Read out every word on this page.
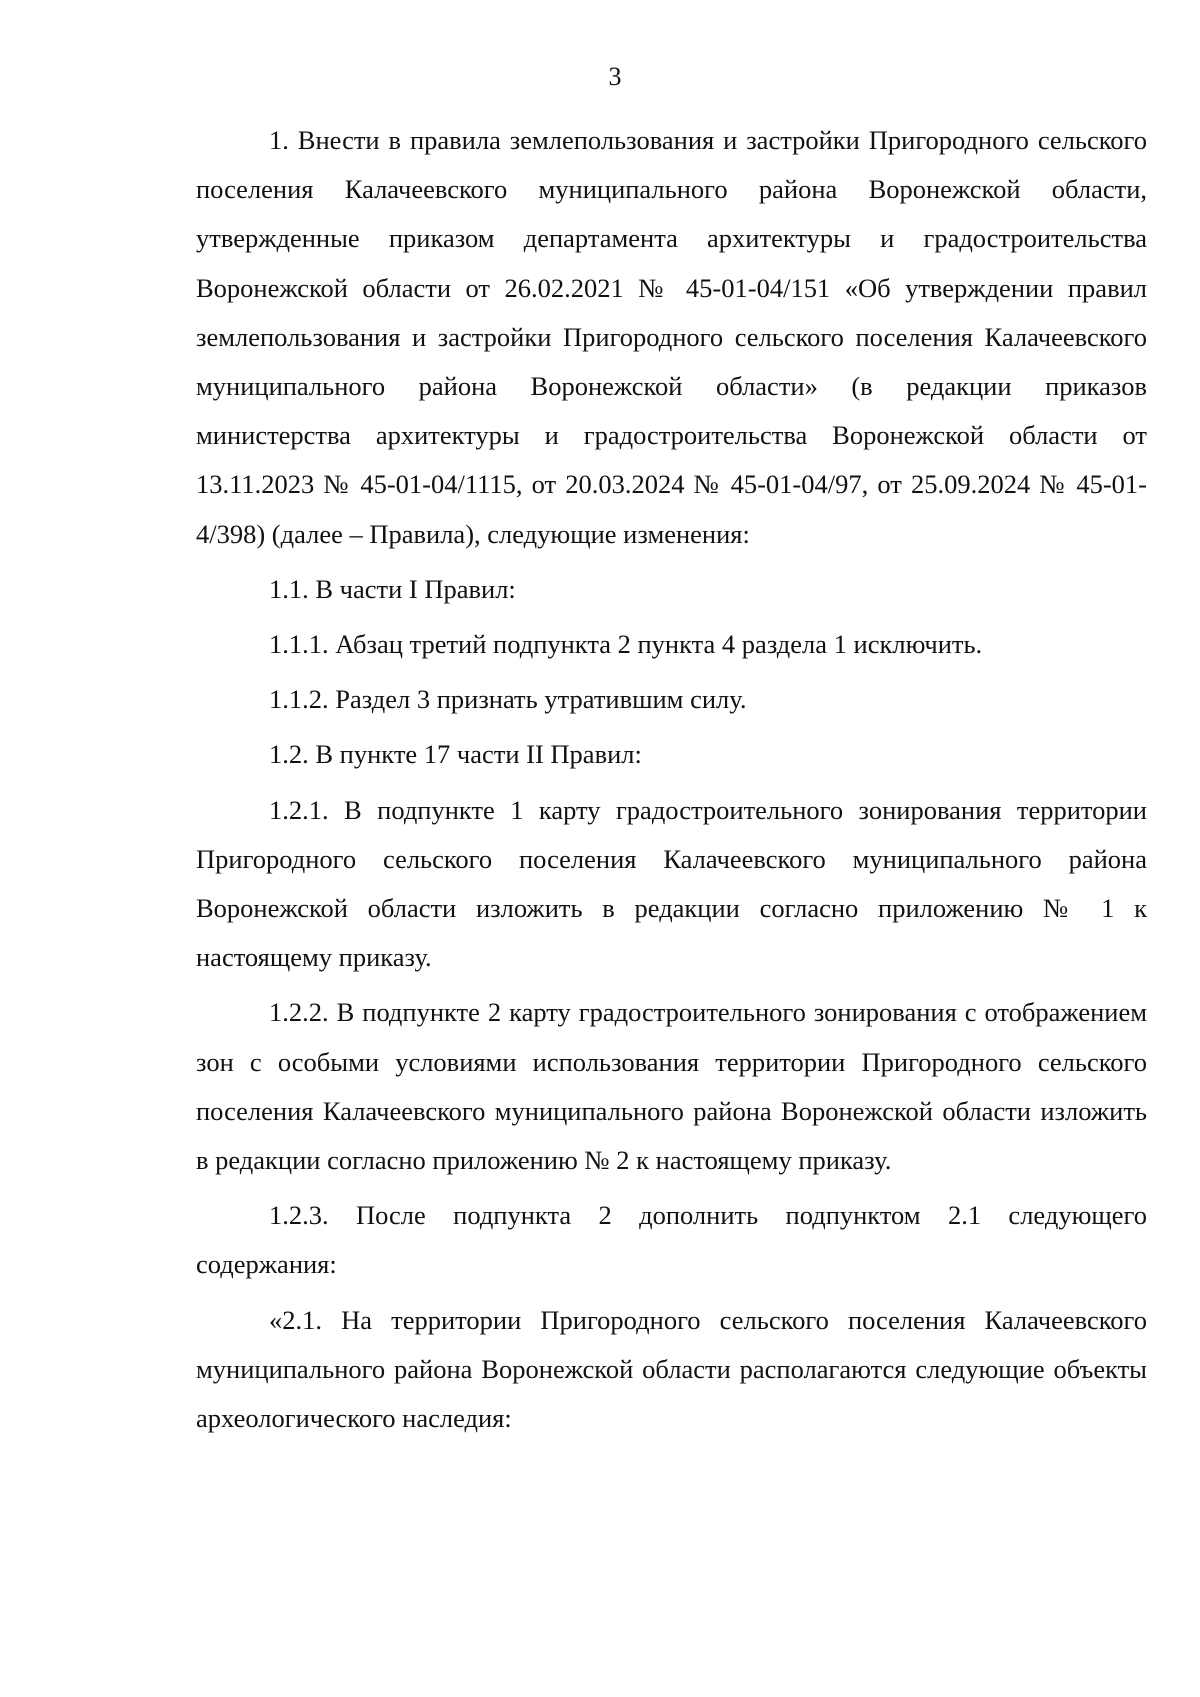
3

1. Внести в правила землепользования и застройки Пригородного сельского поселения Калачеевского муниципального района Воронежской области, утвержденные приказом департамента архитектуры и градостроительства Воронежской области от 26.02.2021 № 45-01-04/151 «Об утверждении правил землепользования и застройки Пригородного сельского поселения Калачеевского муниципального района Воронежской области» (в редакции приказов министерства архитектуры и градостроительства Воронежской области от 13.11.2023 № 45-01-04/1115, от 20.03.2024 № 45-01-04/97, от 25.09.2024 № 45-01-4/398) (далее – Правила), следующие изменения:

1.1. В части I Правил:

1.1.1. Абзац третий подпункта 2 пункта 4 раздела 1 исключить.

1.1.2. Раздел 3 признать утратившим силу.

1.2. В пункте 17 части II Правил:

1.2.1. В подпункте 1 карту градостроительного зонирования территории Пригородного сельского поселения Калачеевского муниципального района Воронежской области изложить в редакции согласно приложению № 1 к настоящему приказу.

1.2.2. В подпункте 2 карту градостроительного зонирования с отображением зон с особыми условиями использования территории Пригородного сельского поселения Калачеевского муниципального района Воронежской области изложить в редакции согласно приложению № 2 к настоящему приказу.

1.2.3. После подпункта 2 дополнить подпунктом 2.1 следующего содержания:

«2.1. На территории Пригородного сельского поселения Калачеевского муниципального района Воронежской области располагаются следующие объекты археологического наследия:
